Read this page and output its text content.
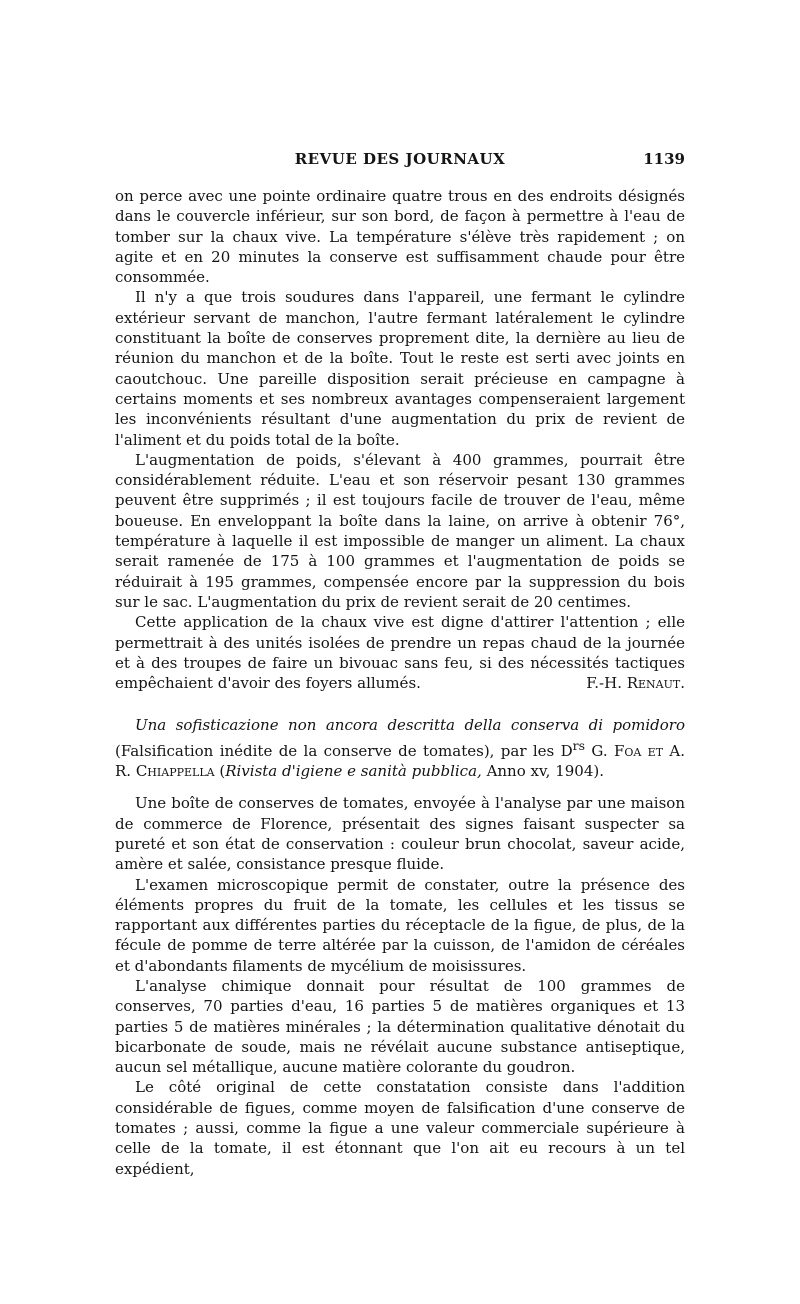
REVUE DES JOURNAUX	1139

on perce avec une pointe ordinaire quatre trous en des endroits désignés dans le couvercle inférieur, sur son bord, de façon à permettre à l'eau de tomber sur la chaux vive. La température s'élève très rapidement ; on agite et en 20 minutes la conserve est suffisamment chaude pour être consommée.

Il n'y a que trois soudures dans l'appareil, une fermant le cylindre extérieur servant de manchon, l'autre fermant latéralement le cylindre constituant la boîte de conserves proprement dite, la dernière au lieu de réunion du manchon et de la boîte. Tout le reste est serti avec joints en caoutchouc. Une pareille disposition serait précieuse en campagne à certains moments et ses nombreux avantages compenseraient largement les inconvénients résultant d'une augmentation du prix de revient de l'aliment et du poids total de la boîte.

L'augmentation de poids, s'élevant à 400 grammes, pourrait être considérablement réduite. L'eau et son réservoir pesant 130 grammes peuvent être supprimés ; il est toujours facile de trouver de l'eau, même boueuse. En enveloppant la boîte dans la laine, on arrive à obtenir 76°, température à laquelle il est impossible de manger un aliment. La chaux serait ramenée de 175 à 100 grammes et l'augmentation de poids se réduirait à 195 grammes, compensée encore par la suppression du bois sur le sac. L'augmentation du prix de revient serait de 20 centimes.

Cette application de la chaux vive est digne d'attirer l'attention ; elle permettrait à des unités isolées de prendre un repas chaud de la journée et à des troupes de faire un bivouac sans feu, si des nécessités tactiques empêchaient d'avoir des foyers allumés.	F.-H. Renaut.

Una sofisticazione non ancora descritta della conserva di pomidoro (Falsification inédite de la conserve de tomates), par les $D^{rs}$ G. Foa et A. R. Chiappella (Rivista d'igiene e sanità pubblica, Anno xv, 1904).

Une boîte de conserves de tomates, envoyée à l'analyse par une maison de commerce de Florence, présentait des signes faisant suspecter sa pureté et son état de conservation : couleur brun chocolat, saveur acide, amère et salée, consistance presque fluide.

L'examen microscopique permit de constater, outre la présence des éléments propres du fruit de la tomate, les cellules et les tissus se rapportant aux différentes parties du réceptacle de la figue, de plus, de la fécule de pomme de terre altérée par la cuisson, de l'amidon de céréales et d'abondants filaments de mycélium de moisissures.

L'analyse chimique donnait pour résultat de 100 grammes de conserves, 70 parties d'eau, 16 parties 5 de matières organiques et 13 parties 5 de matières minérales ; la détermination qualitative dénotait du bicarbonate de soude, mais ne révélait aucune substance antiseptique, aucun sel métallique, aucune matière colorante du goudron.

Le côté original de cette constatation consiste dans l'addition considérable de figues, comme moyen de falsification d'une conserve de tomates ; aussi, comme la figue a une valeur commerciale supérieure à celle de la tomate, il est étonnant que l'on ait eu recours à un tel expédient,
